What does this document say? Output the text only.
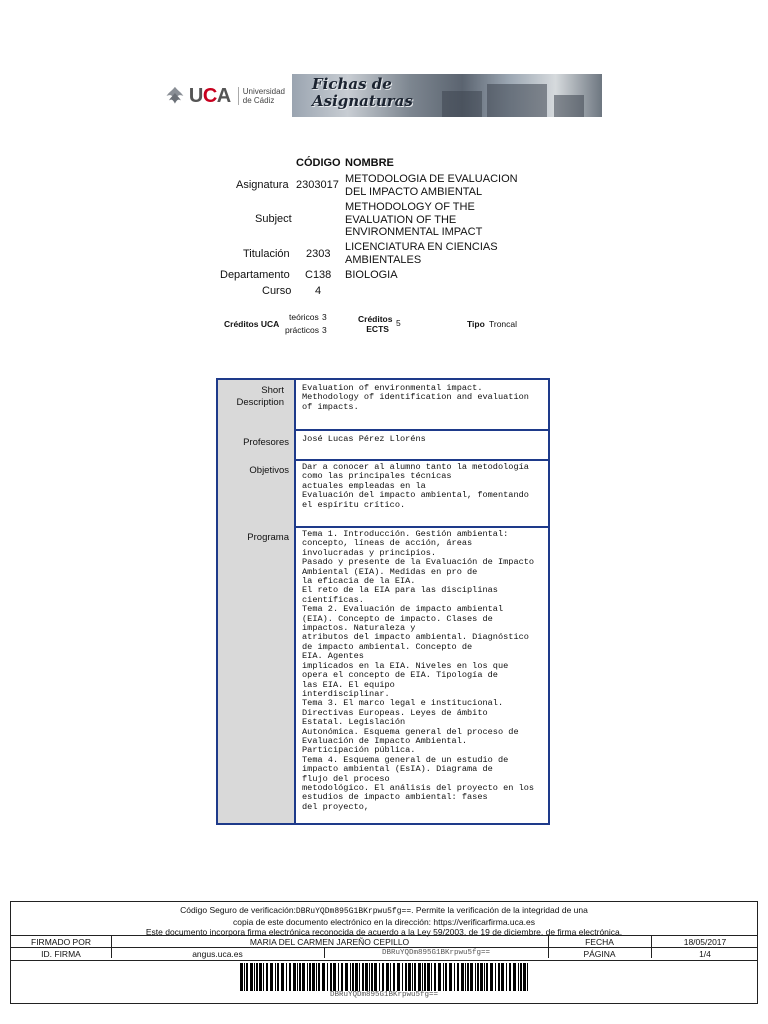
UCA	Universidad
de Cádiz
Fichas de
Asignaturas
CÓDIGO NOMBRE
Asignatura 2303017 METODOLOGIA DE EVALUACION
DEL IMPACTO AMBIENTAL
Subject
METHODOLOGY OF THE
EVALUATION OF THE
ENVIRONMENTAL IMPACT
Titulación 2303
LICENCIATURA EN CIENCIAS
AMBIENTALES
Departamento C138 BIOLOGIA
Curso 4
Créditos UCA
teóricos 3
prácticos 3
Créditos
ECTS
5	Tipo Troncal
Short

Description
Evaluation of environmental impact.
Methodology of identification and evaluation
of impacts.
Profesores José Lucas Pérez Lloréns
Objetivos Dar a conocer al alumno tanto la metodología
como las principales técnicas
actuales empleadas en la
Evaluación del impacto ambiental, fomentando
el espíritu crítico.
Programa Tema 1. Introducción. Gestión ambiental:
concepto, líneas de acción, áreas
involucradas y principios.
Pasado y presente de la Evaluación de Impacto
Ambiental (EIA). Medidas en pro de
la eficacia de la EIA.
El reto de la EIA para las disciplinas
científicas.
Tema 2. Evaluación de impacto ambiental
(EIA). Concepto de impacto. Clases de
impactos. Naturaleza y
atributos del impacto ambiental. Diagnóstico
de impacto ambiental. Concepto de
EIA. Agentes
implicados en la EIA. Niveles en los que
opera el concepto de EIA. Tipología de
las EIA. El equipo
interdisciplinar.
Tema 3. El marco legal e institucional.
Directivas Europeas. Leyes de ámbito
Estatal. Legislación
Autonómica. Esquema general del proceso de
Evaluación de Impacto Ambiental.
Participación pública.
Tema 4. Esquema general de un estudio de
impacto ambiental (EsIA). Diagrama de
flujo del proceso
metodológico. El análisis del proyecto en los
estudios de impacto ambiental: fases
del proyecto,
Código Seguro de verificación:DBRuYQDm895G1BKrpwu5fg==. Permite la verificación de la integridad de una
copia de este documento electrónico en la dirección: https://verificarfirma.uca.es
Este documento incorpora firma electrónica reconocida de acuerdo a la Ley 59/2003, de 19 de diciembre, de firma electrónica.
FIRMADO POR	MARIA DEL CARMEN JAREÑO CEPILLO	FECHA	18/05/2017
ID. FIRMA	angus.uca.es	DBRuYQDm895G1BKrpwu5fg==	PÁGINA	1/4
DBRuYQDm895G1BKrpwu5fg==
